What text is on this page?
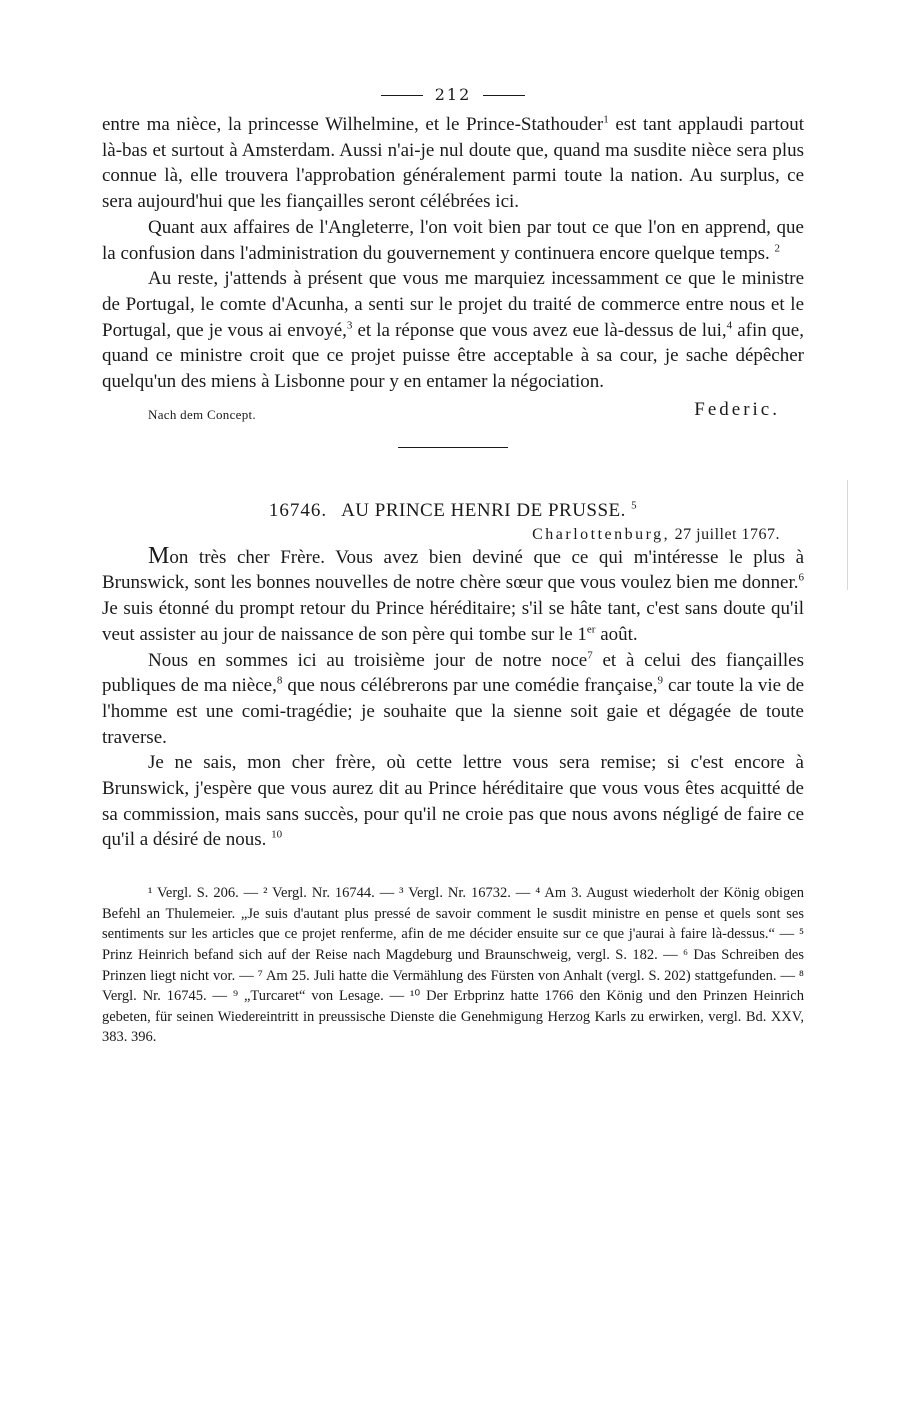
212

entre ma nièce, la princesse Wilhelmine, et le Prince-Stathouder$^1$ est tant applaudi partout là-bas et surtout à Amsterdam. Aussi n'ai-je nul doute que, quand ma susdite nièce sera plus connue là, elle trouvera l'approbation généralement parmi toute la nation. Au surplus, ce sera aujourd'hui que les fiançailles seront célébrées ici.

Quant aux affaires de l'Angleterre, l'on voit bien par tout ce que l'on en apprend, que la confusion dans l'administration du gouvernement y continuera encore quelque temps. $^2$

Au reste, j'attends à présent que vous me marquiez incessamment ce que le ministre de Portugal, le comte d'Acunha, a senti sur le projet du traité de commerce entre nous et le Portugal, que je vous ai envoyé,$^3$ et la réponse que vous avez eue là-dessus de lui,$^4$ afin que, quand ce ministre croit que ce projet puisse être acceptable à sa cour, je sache dépêcher quelqu'un des miens à Lisbonne pour y en entamer la négociation.

Nach dem Concept.	Federic.
16746. AU PRINCE HENRI DE PRUSSE. $^5$
Charlottenburg, 27 juillet 1767.

Mon très cher Frère. Vous avez bien deviné que ce qui m'intéresse le plus à Brunswick, sont les bonnes nouvelles de notre chère sœur que vous voulez bien me donner.$^6$ Je suis étonné du prompt retour du Prince héréditaire; s'il se hâte tant, c'est sans doute qu'il veut assister au jour de naissance de son père qui tombe sur le 1er août.

Nous en sommes ici au troisième jour de notre noce$^7$ et à celui des fiançailles publiques de ma nièce,$^8$ que nous célébrerons par une comédie française,$^9$ car toute la vie de l'homme est une comi-tragédie; je souhaite que la sienne soit gaie et dégagée de toute traverse.

Je ne sais, mon cher frère, où cette lettre vous sera remise; si c'est encore à Brunswick, j'espère que vous aurez dit au Prince héréditaire que vous vous êtes acquitté de sa commission, mais sans succès, pour qu'il ne croie pas que nous avons négligé de faire ce qu'il a désiré de nous. $^{10}$

¹ Vergl. S. 206. — ² Vergl. Nr. 16744. — ³ Vergl. Nr. 16732. — ⁴ Am 3. August wiederholt der König obigen Befehl an Thulemeier. „Je suis d'autant plus pressé de savoir comment le susdit ministre en pense et quels sont ses sentiments sur les articles que ce projet renferme, afin de me décider ensuite sur ce que j'aurai à faire là-dessus.“ — ⁵ Prinz Heinrich befand sich auf der Reise nach Magdeburg und Braunschweig, vergl. S. 182. — ⁶ Das Schreiben des Prinzen liegt nicht vor. — ⁷ Am 25. Juli hatte die Vermählung des Fürsten von Anhalt (vergl. S. 202) stattgefunden. — ⁸ Vergl. Nr. 16745. — ⁹ „Turcaret“ von Lesage. — ¹⁰ Der Erbprinz hatte 1766 den König und den Prinzen Heinrich gebeten, für seinen Wiedereintritt in preussische Dienste die Genehmigung Herzog Karls zu erwirken, vergl. Bd. XXV, 383. 396.
